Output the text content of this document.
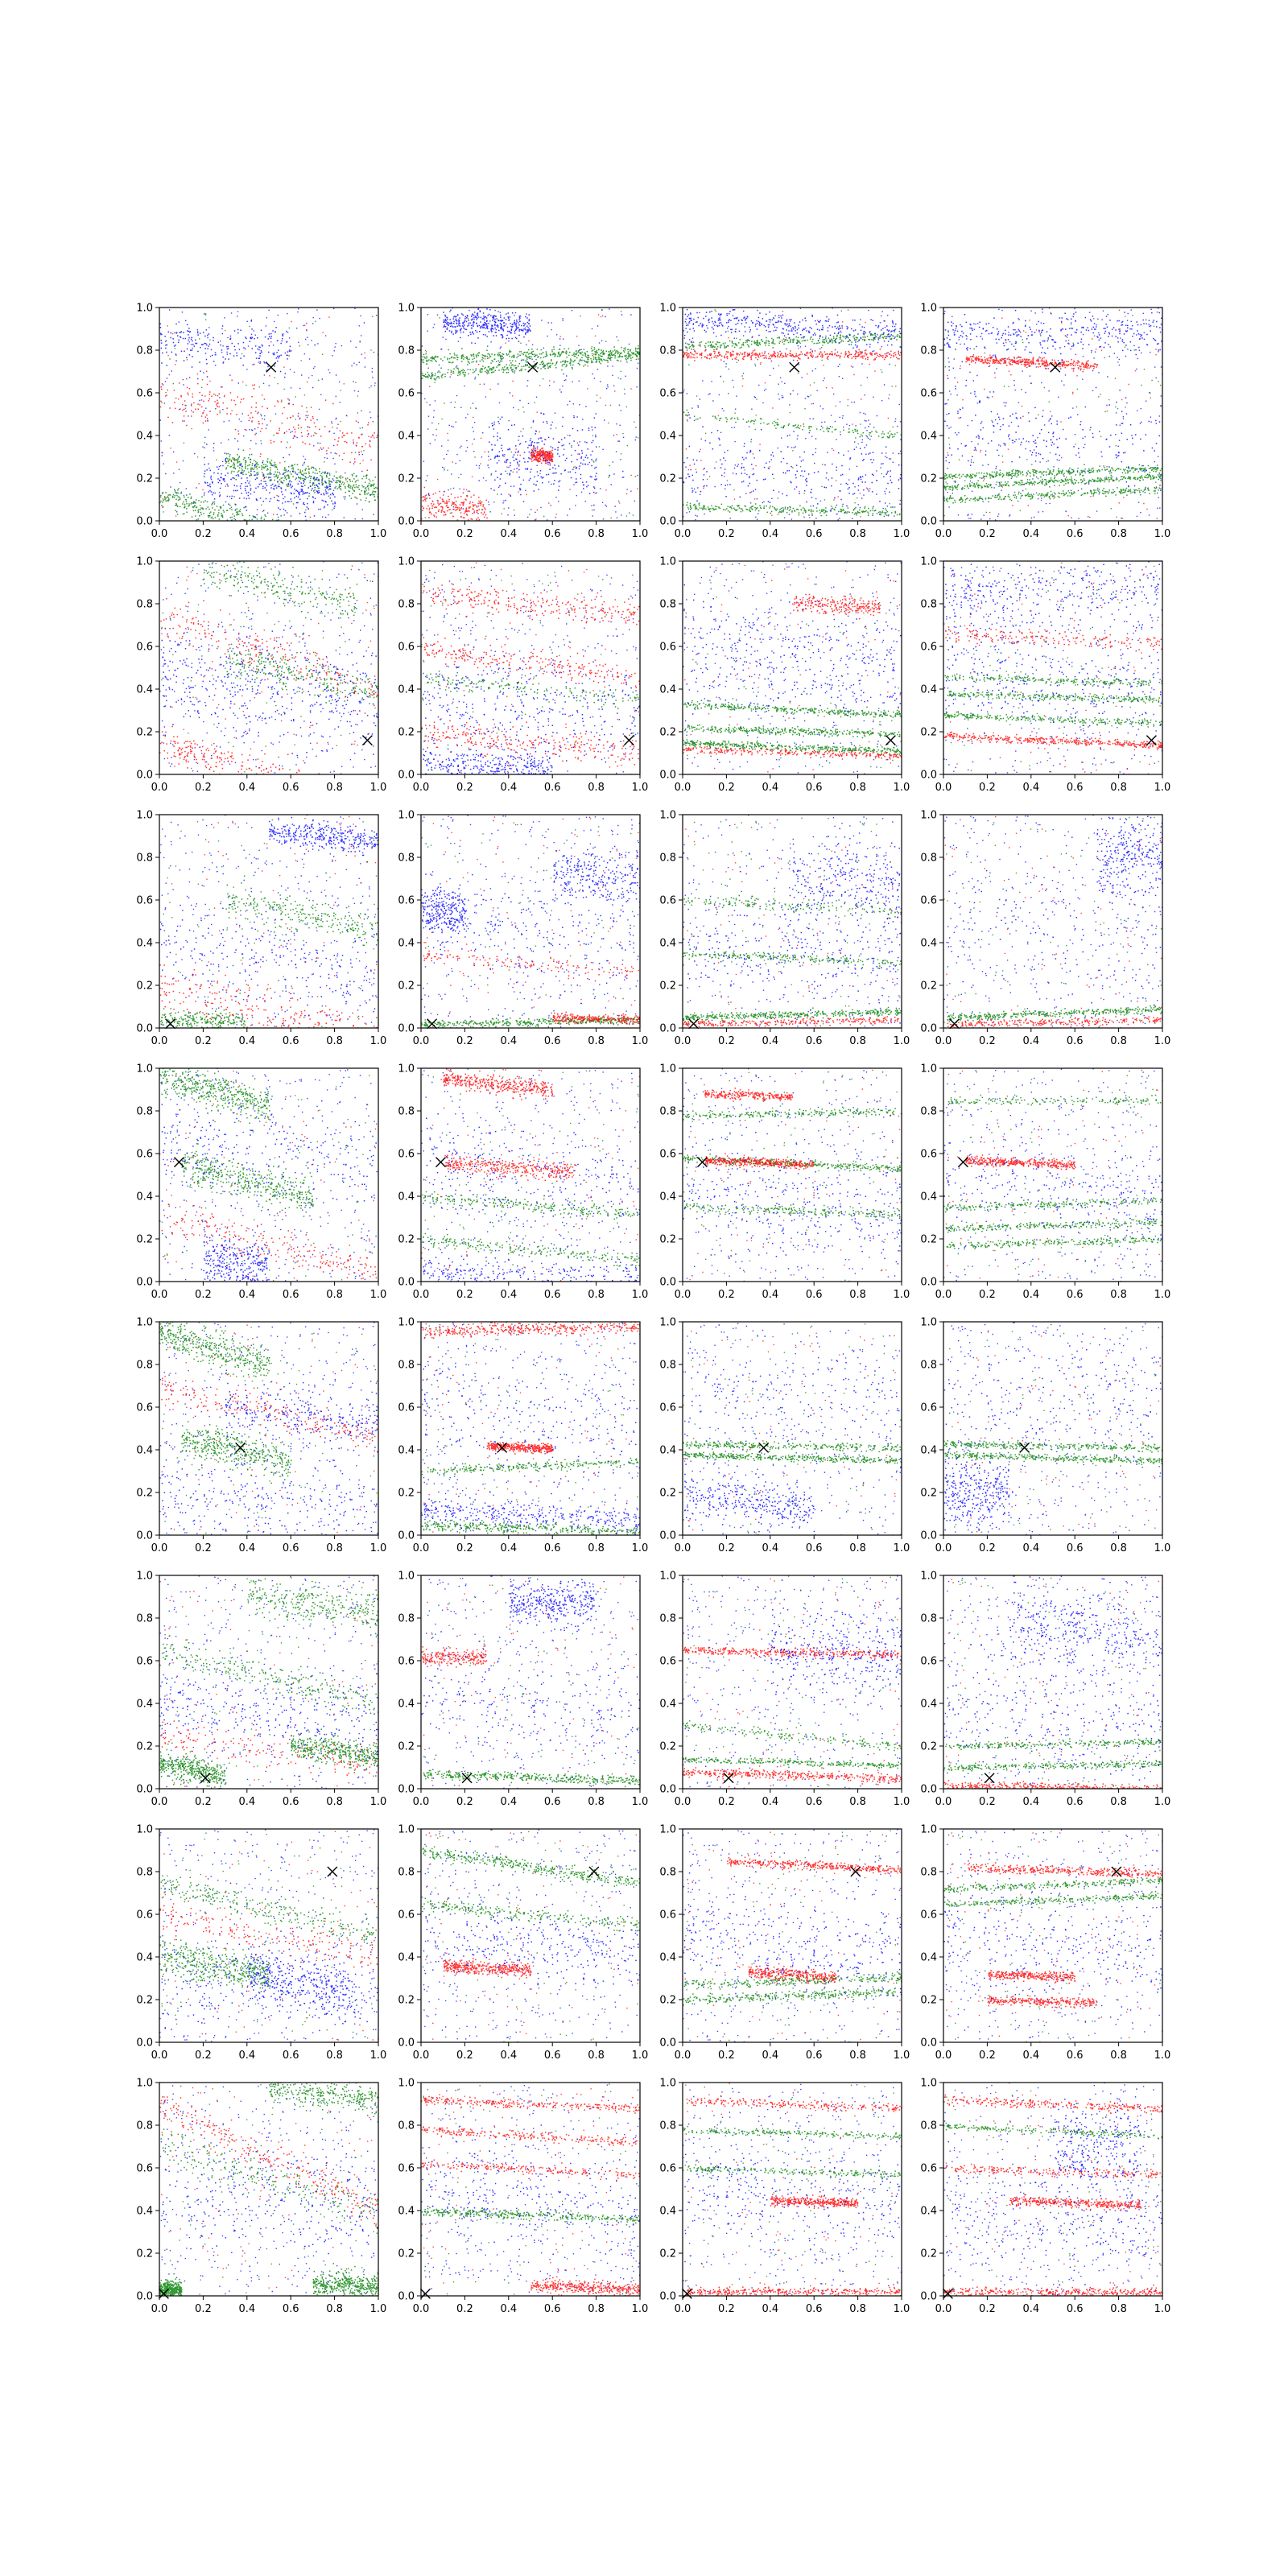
0.0	0.2	0.4	0.6	0.8	1.0
0.0
0.2
0.4
0.6
0.8
1.0
0.0	0.2	0.4	0.6	0.8	1.0
0.0
0.2
0.4
0.6
0.8
1.0
0.0	0.2	0.4	0.6	0.8	1.0
0.0
0.2
0.4
0.6
0.8
1.0
0.0	0.2	0.4	0.6	0.8	1.0
0.0
0.2
0.4
0.6
0.8
1.0
0.0	0.2	0.4	0.6	0.8	1.0
0.0
0.2
0.4
0.6
0.8
1.0
0.0	0.2	0.4	0.6	0.8	1.0
0.0
0.2
0.4
0.6
0.8
1.0
0.0	0.2	0.4	0.6	0.8	1.0
0.0
0.2
0.4
0.6
0.8
1.0
0.0	0.2	0.4	0.6	0.8	1.0
0.0
0.2
0.4
0.6
0.8
1.0
0.0	0.2	0.4	0.6	0.8	1.0
0.0
0.2
0.4
0.6
0.8
1.0
0.0	0.2	0.4	0.6	0.8	1.0
0.0
0.2
0.4
0.6
0.8
1.0
0.0	0.2	0.4	0.6	0.8	1.0
0.0
0.2
0.4
0.6
0.8
1.0
0.0	0.2	0.4	0.6	0.8	1.0
0.0
0.2
0.4
0.6
0.8
1.0
0.0	0.2	0.4	0.6	0.8	1.0
0.0
0.2
0.4
0.6
0.8
1.0
0.0	0.2	0.4	0.6	0.8	1.0
0.0
0.2
0.4
0.6
0.8
1.0
0.0	0.2	0.4	0.6	0.8	1.0
0.0
0.2
0.4
0.6
0.8
1.0
0.0	0.2	0.4	0.6	0.8	1.0
0.0
0.2
0.4
0.6
0.8
1.0
0.0	0.2	0.4	0.6	0.8	1.0
0.0
0.2
0.4
0.6
0.8
1.0
0.0	0.2	0.4	0.6	0.8	1.0
0.0
0.2
0.4
0.6
0.8
1.0
0.0	0.2	0.4	0.6	0.8	1.0
0.0
0.2
0.4
0.6
0.8
1.0
0.0	0.2	0.4	0.6	0.8	1.0
0.0
0.2
0.4
0.6
0.8
1.0
0.0	0.2	0.4	0.6	0.8	1.0
0.0
0.2
0.4
0.6
0.8
1.0
0.0	0.2	0.4	0.6	0.8	1.0
0.0
0.2
0.4
0.6
0.8
1.0
0.0	0.2	0.4	0.6	0.8	1.0
0.0
0.2
0.4
0.6
0.8
1.0
0.0	0.2	0.4	0.6	0.8	1.0
0.0
0.2
0.4
0.6
0.8
1.0
0.0	0.2	0.4	0.6	0.8	1.0
0.0
0.2
0.4
0.6
0.8
1.0
0.0	0.2	0.4	0.6	0.8	1.0
0.0
0.2
0.4
0.6
0.8
1.0
0.0	0.2	0.4	0.6	0.8	1.0
0.0
0.2
0.4
0.6
0.8
1.0
0.0	0.2	0.4	0.6	0.8	1.0
0.0
0.2
0.4
0.6
0.8
1.0
0.0	0.2	0.4	0.6	0.8	1.0
0.0
0.2
0.4
0.6
0.8
1.0
0.0	0.2	0.4	0.6	0.8	1.0
0.0
0.2
0.4
0.6
0.8
1.0
0.0	0.2	0.4	0.6	0.8	1.0
0.0
0.2
0.4
0.6
0.8
1.0
0.0	0.2	0.4	0.6	0.8	1.0
0.0
0.2
0.4
0.6
0.8
1.0
